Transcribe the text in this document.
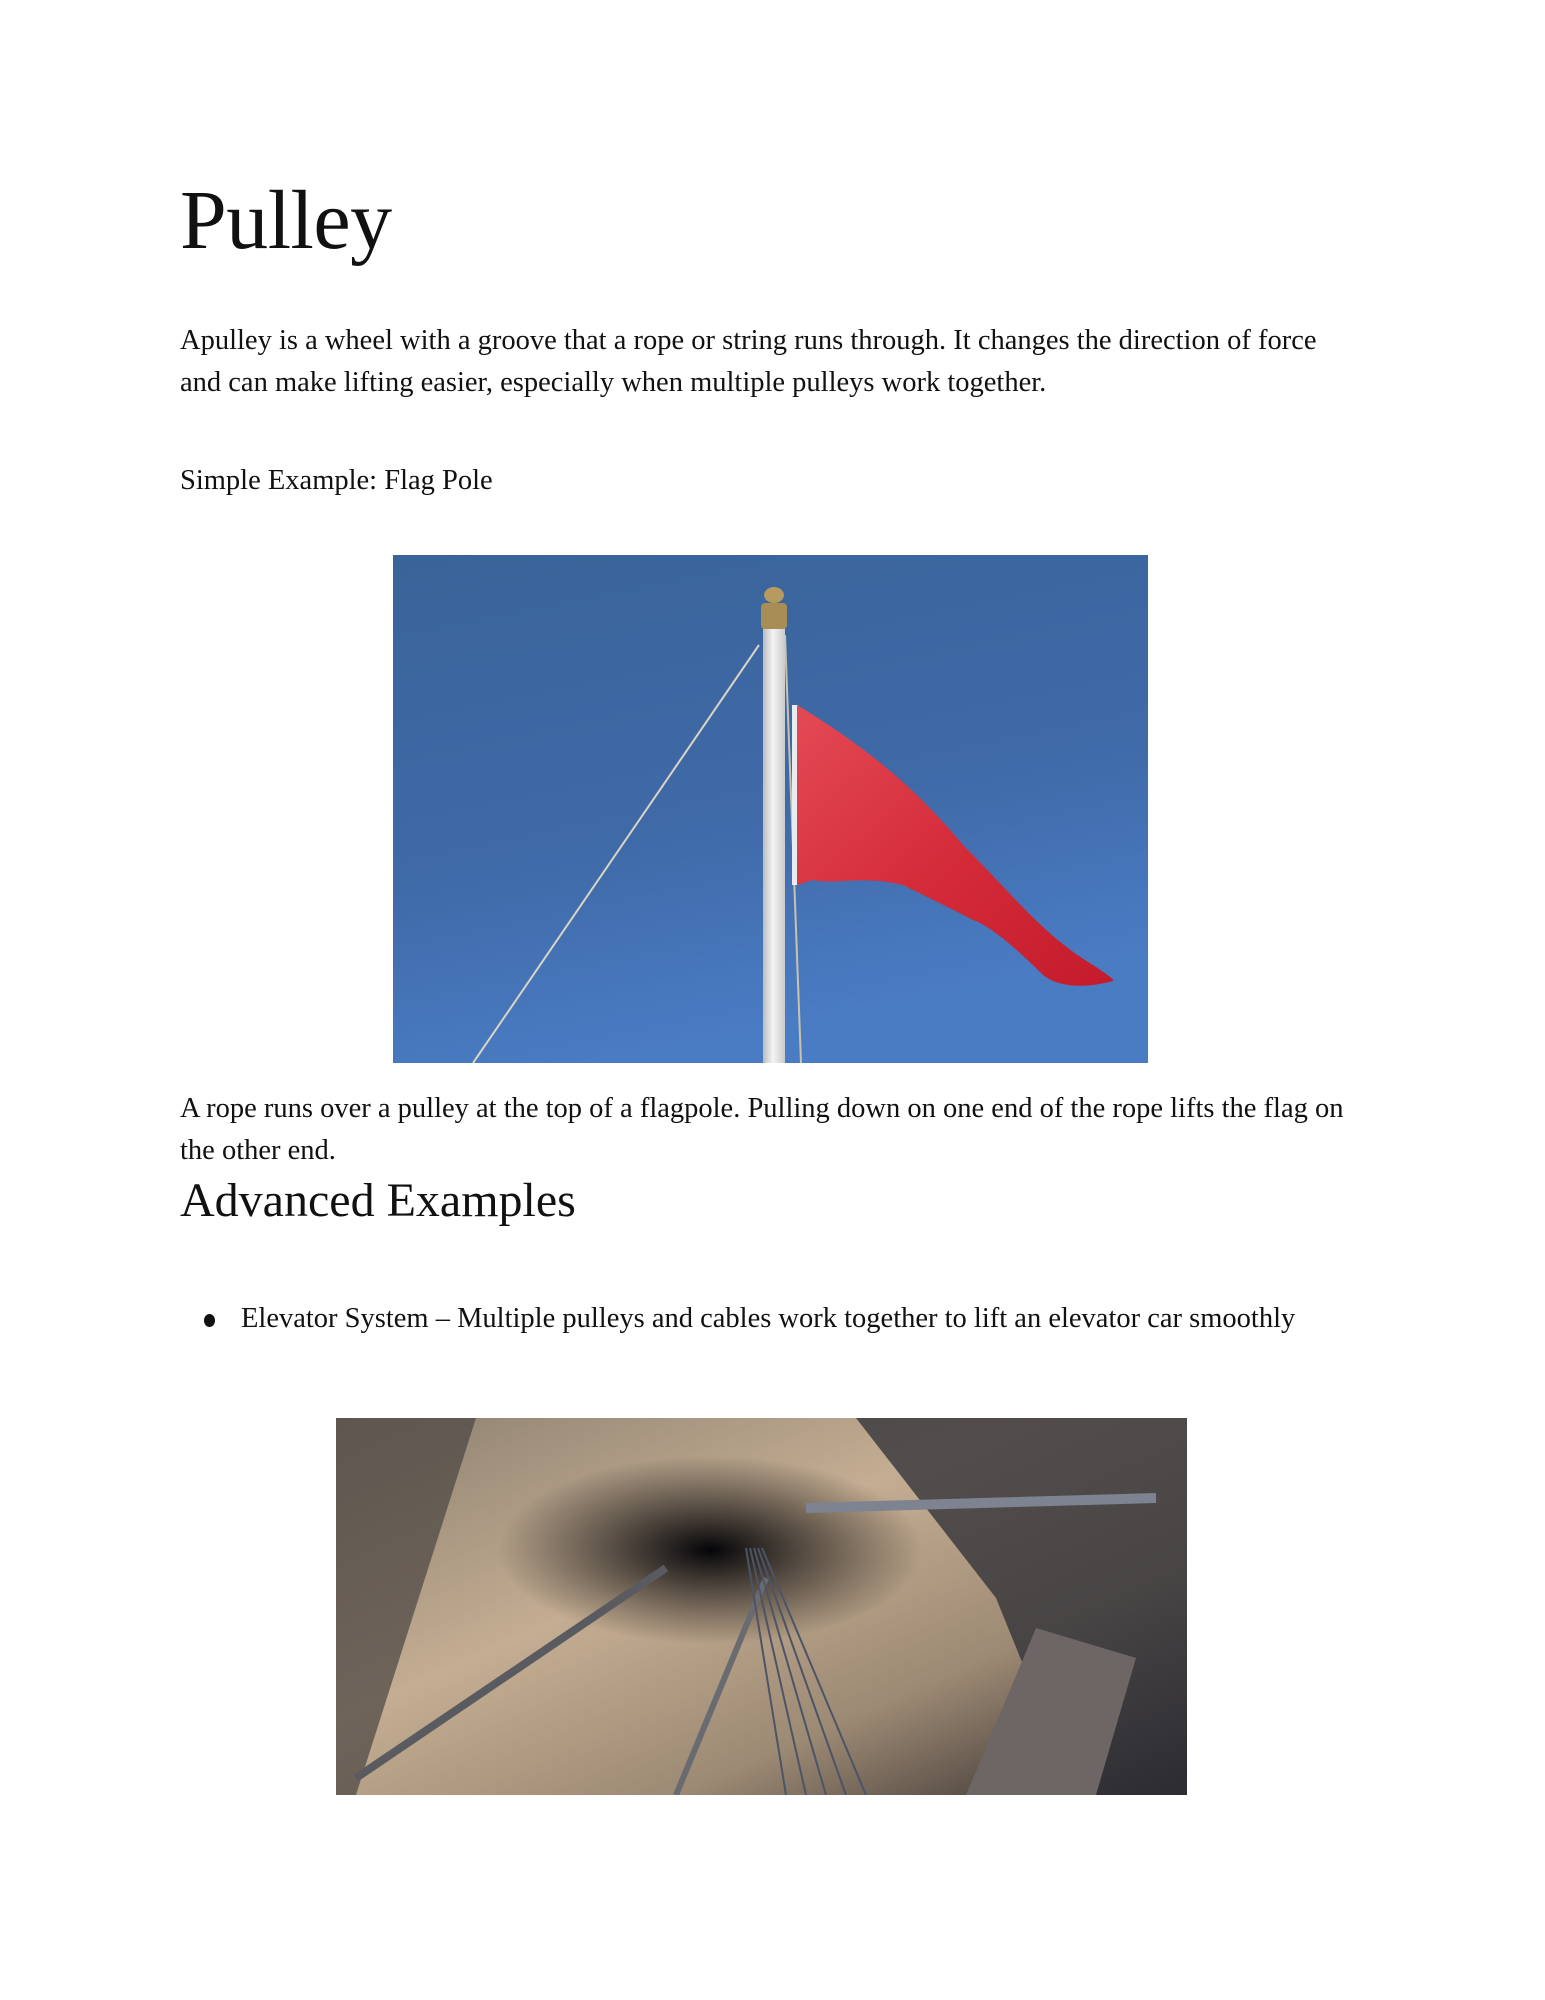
Pulley

Apulley is a wheel with a groove that a rope or string runs through. It changes the direction of force and can make lifting easier, especially when multiple pulleys work together.

Simple Example: Flag Pole

A rope runs over a pulley at the top of a flagpole. Pulling down on one end of the rope lifts the flag on the other end.

Advanced Examples
Elevator System – Multiple pulleys and cables work together to lift an elevator car smoothly
